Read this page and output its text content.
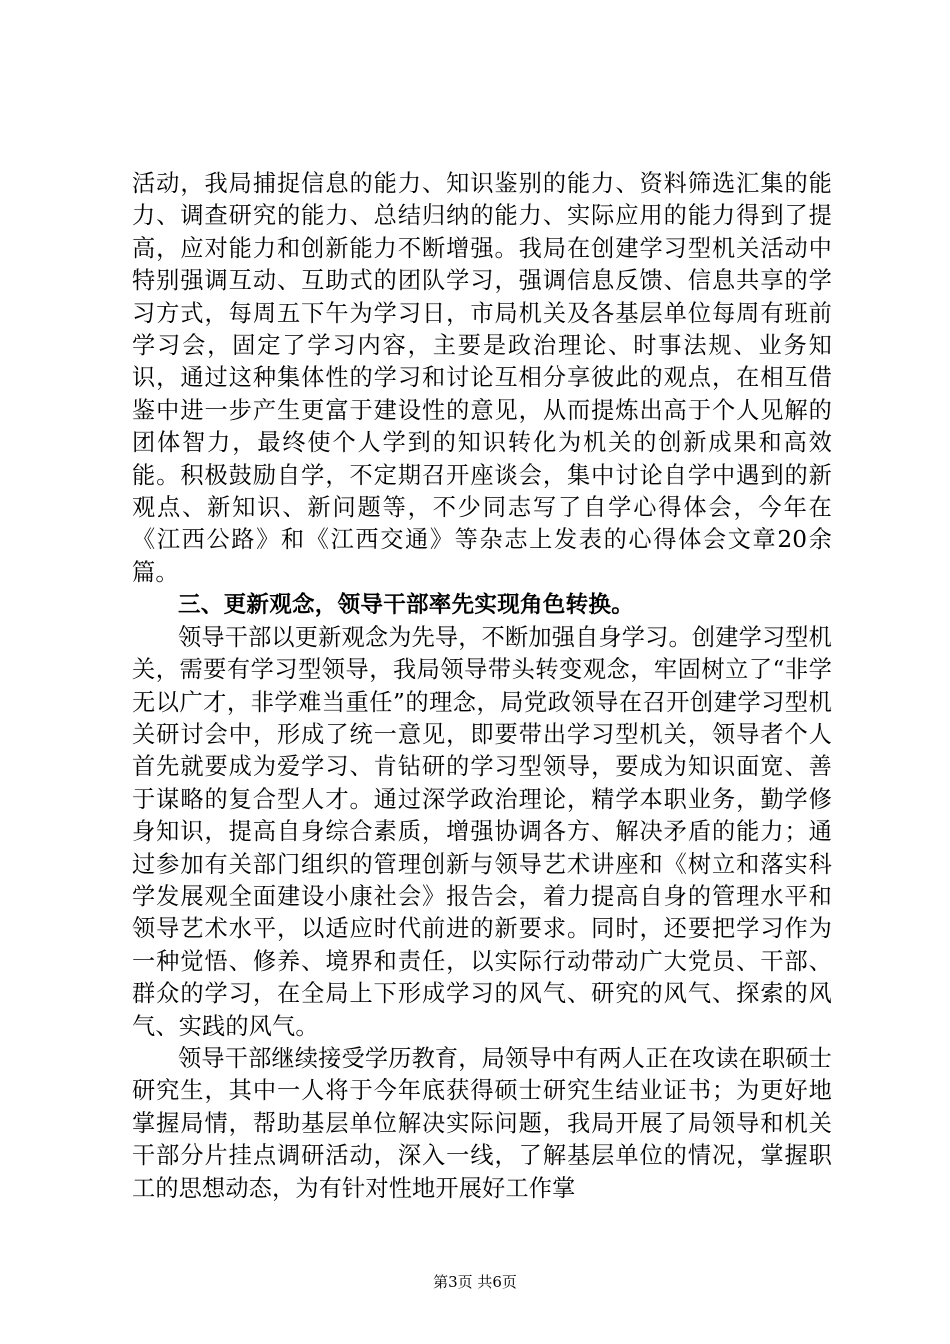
活动，我局捕捉信息的能力、知识鉴别的能力、资料筛选汇集的能力、调查研究的能力、总结归纳的能力、实际应用的能力得到了提高，应对能力和创新能力不断增强。我局在创建学习型机关活动中特别强调互动、互助式的团队学习，强调信息反馈、信息共享的学习方式，每周五下午为学习日，市局机关及各基层单位每周有班前学习会，固定了学习内容，主要是政治理论、时事法规、业务知识，通过这种集体性的学习和讨论互相分享彼此的观点，在相互借鉴中进一步产生更富于建设性的意见，从而提炼出高于个人见解的团体智力，最终使个人学到的知识转化为机关的创新成果和高效能。积极鼓励自学，不定期召开座谈会，集中讨论自学中遇到的新观点、新知识、新问题等，不少同志写了自学心得体会，今年在《江西公路》和《江西交通》等杂志上发表的心得体会文章20余篇。

三、更新观念，领导干部率先实现角色转换。

领导干部以更新观念为先导，不断加强自身学习。创建学习型机关，需要有学习型领导，我局领导带头转变观念，牢固树立了“非学无以广才，非学难当重任”的理念，局党政领导在召开创建学习型机关研讨会中，形成了统一意见，即要带出学习型机关，领导者个人首先就要成为爱学习、肯钻研的学习型领导，要成为知识面宽、善于谋略的复合型人才。通过深学政治理论，精学本职业务，勤学修身知识，提高自身综合素质，增强协调各方、解决矛盾的能力；通过参加有关部门组织的管理创新与领导艺术讲座和《树立和落实科学发展观全面建设小康社会》报告会，着力提高自身的管理水平和领导艺术水平，以适应时代前进的新要求。同时，还要把学习作为一种觉悟、修养、境界和责任，以实际行动带动广大党员、干部、群众的学习，在全局上下形成学习的风气、研究的风气、探索的风气、实践的风气。

领导干部继续接受学历教育，局领导中有两人正在攻读在职硕士研究生，其中一人将于今年底获得硕士研究生结业证书；为更好地掌握局情，帮助基层单位解决实际问题，我局开展了局领导和机关干部分片挂点调研活动，深入一线，了解基层单位的情况，掌握职工的思想动态，为有针对性地开展好工作掌

第3页 共6页
